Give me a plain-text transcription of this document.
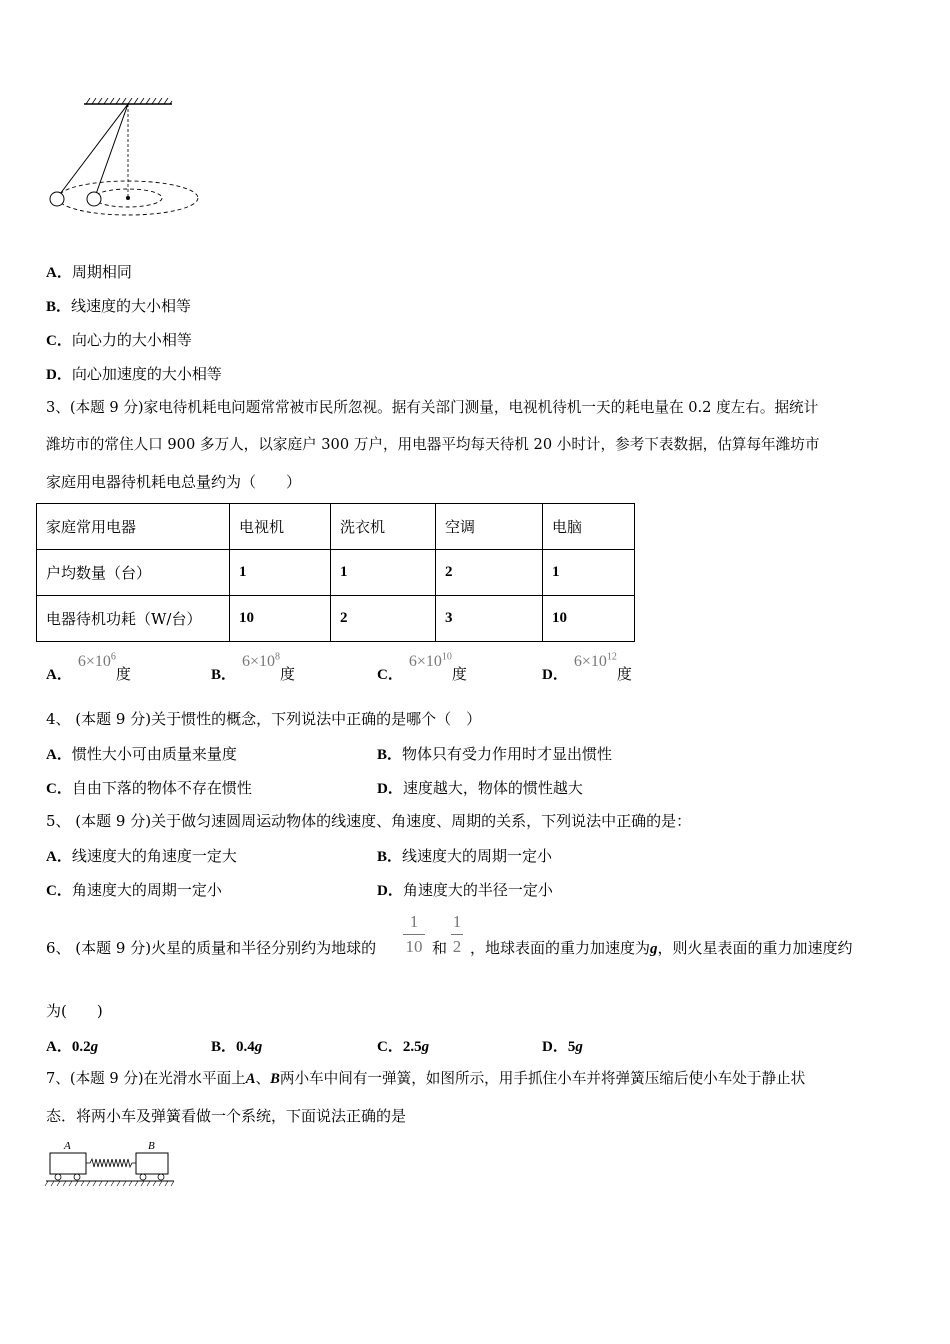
A．周期相同
B．线速度的大小相等
C．向心力的大小相等
D．向心加速度的大小相等
3、(本题 9 分)家电待机耗电问题常常被市民所忽视。据有关部门测量，电视机待机一天的耗电量在 0.2 度左右。据统计
潍坊市的常住人口 900 多万人，以家庭户 300 万户，用电器平均每天待机 20 小时计，参考下表数据，估算每年潍坊市
家庭用电器待机耗电总量约为（　　）
家庭常用电器	电视机	洗衣机	空调	电脑
户均数量（台）	1	1	2	1
电器待机功耗（W/台）	10	2	3	10
A．$6\times 10^6$度	B．$6\times 10^8$度	C．$6\times 10^{10}$度	D．$6\times 10^{12}$度
4、 (本题 9 分)关于惯性的概念，下列说法中正确的是哪个（　）
A．惯性大小可由质量来量度	B．物体只有受力作用时才显出惯性
C．自由下落的物体不存在惯性	D．速度越大，物体的惯性越大
5、 (本题 9 分)关于做匀速圆周运动物体的线速度、角速度、周期的关系，下列说法中正确的是：
A．线速度大的角速度一定大	B．线速度大的周期一定小
C．角速度大的周期一定小	D．角速度大的半径一定小
6、 (本题 9 分)火星的质量和半径分别约为地球的
1
10 和
1
2 ，地球表面的重力加速度为g，则火星表面的重力加速度约
为(　　)
A．0.2g	B．0.4g	C．2.5g	D．5g
7、(本题 9 分)在光滑水平面上A、B两小车中间有一弹簧，如图所示，用手抓住小车并将弹簧压缩后使小车处于静止状
态．将两小车及弹簧看做一个系统，下面说法正确的是
A	B
